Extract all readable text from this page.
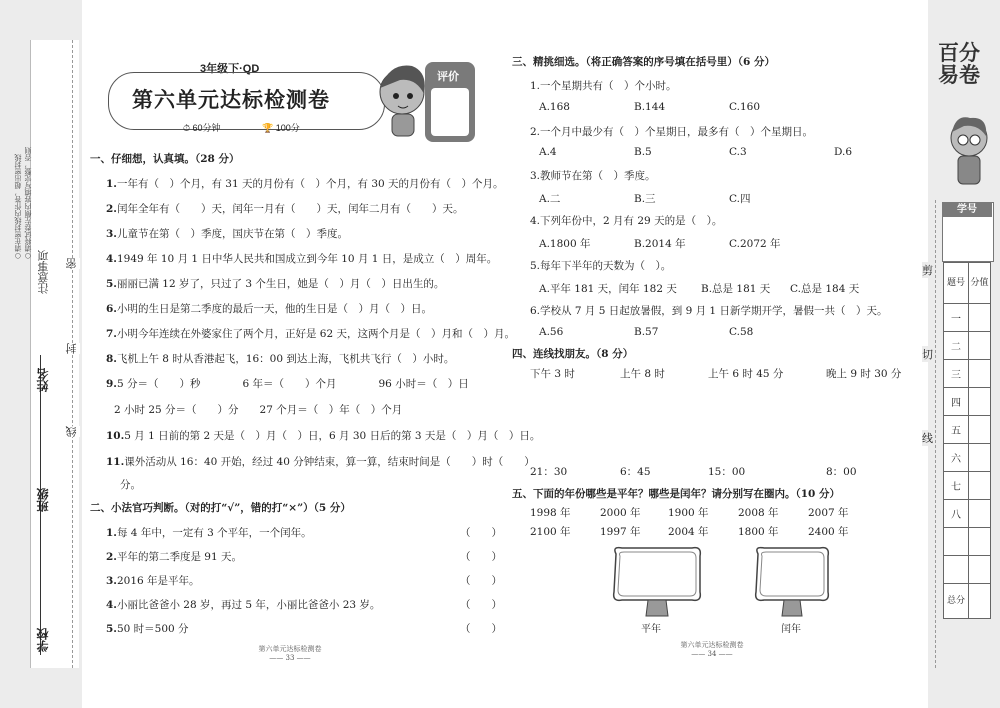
○请在密封线内作答，超出密封线 ○请将试卷左侧内容填写完整，否则
注意事项
姓名
班级
学校
密
封
线
3年级下·QD
第六单元达标检测卷
⏱ 60分钟	🏆 100分
评价
一、仔细想，认真填。（28 分）
1.一年有（　）个月，有 31 天的月份有（　）个月，有 30 天的月份有（　）个月。
2.闰年全年有（　　）天，闰年一月有（　　）天，闰年二月有（　　）天。
3.儿童节在第（　）季度，国庆节在第（　）季度。
4.1949 年 10 月 1 日中华人民共和国成立到今年 10 月 1 日，是成立（　）周年。
5.丽丽已满 12 岁了，只过了 3 个生日，她是（　）月（　）日出生的。
6.小明的生日是第二季度的最后一天，他的生日是（　）月（　）日。
7.小明今年连续在外婆家住了两个月，正好是 62 天，这两个月是（　）月和（　）月。
8.飞机上午 8 时从香港起飞，16：00 到达上海，飞机共飞行（　）小时。
9.5 分＝（　　）秒　　　　6 年＝（　　）个月　　　　96 小时＝（　）日
2 小时 25 分＝（　　）分　　27 个月＝（　）年（　）个月
10.5 月 1 日前的第 2 天是（　）月（　）日，6 月 30 日后的第 3 天是（　）月（　）日。
11.课外活动从 16：40 开始，经过 40 分钟结束，算一算，结束时间是（　　）时（　　）
分。
二、小法官巧判断。（对的打“√”，错的打“×”）（5 分）
1.每 4 年中，一定有 3 个平年，一个闰年。	（　　）
2.平年的第二季度是 91 天。	（　　）
3.2016 年是平年。	（　　）
4.小丽比爸爸小 28 岁，再过 5 年，小丽比爸爸小 23 岁。	（　　）
5.50 时＝500 分	（　　）
第六单元达标检测卷
—— 33 ——
三、精挑细选。（将正确答案的序号填在括号里）（6 分）
1.一个星期共有（　）个小时。
A.168	B.144	C.160
2.一个月中最少有（　）个星期日，最多有（　）个星期日。
A.4	B.5	C.3	D.6
3.教师节在第（　）季度。
A.二	B.三	C.四
4.下列年份中，2 月有 29 天的是（　）。
A.1800 年	B.2014 年	C.2072 年
5.每年下半年的天数为（　）。
A.平年 181 天，闰年 182 天 B.总是 181 天 C.总是 184 天
6.学校从 7 月 5 日起放暑假，到 9 月 1 日新学期开学，暑假一共（　）天。
A.56	B.57	C.58
四、连线找朋友。（8 分）
下午 3 时	上午 8 时	上午 6 时 45 分	晚上 9 时 30 分
21：30	6：45	15：00	8：00
五、下面的年份哪些是平年？哪些是闰年？请分别写在圈内。（10 分）
1998 年	2000 年	1900 年	2008 年	2007 年
2100 年	1997 年	2004 年	1800 年	2400 年
平年	闰年
第六单元达标检测卷
—— 34 ——
百分易卷
学号
剪
切
线
题号	分值
一	
二	
三	
四	
五	
六	
七	
八	

总分	
